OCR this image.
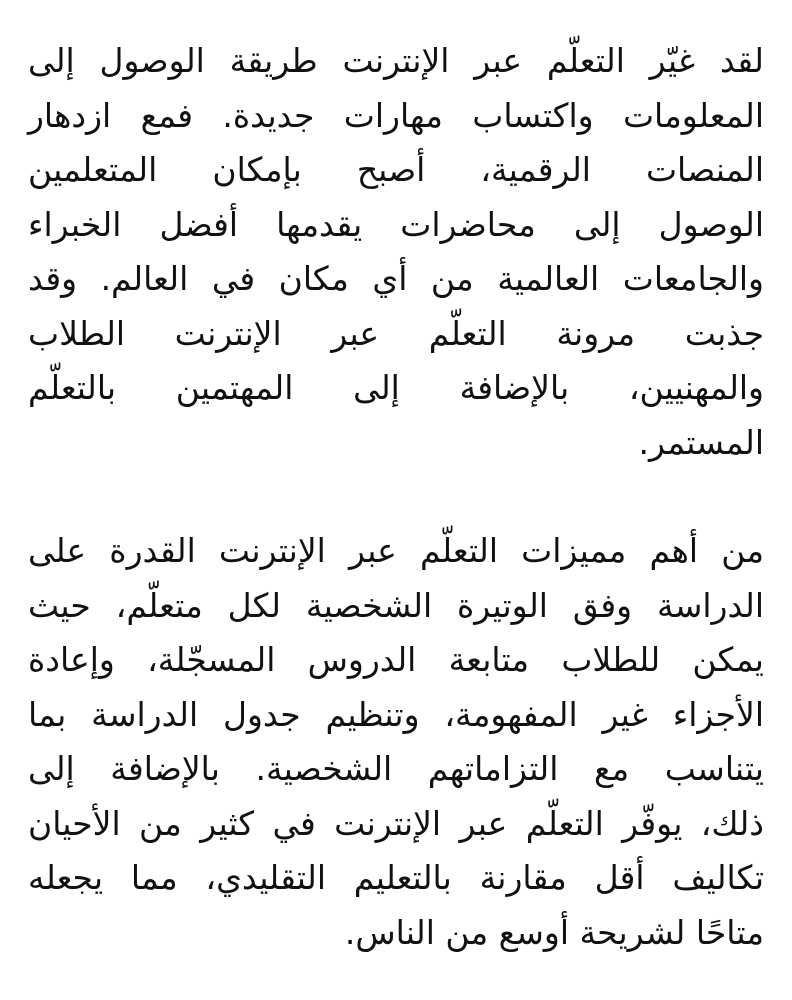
لقد غيّر التعلّم عبر الإنترنت طريقة الوصول إلى
المعلومات واكتساب مهارات جديدة. فمع ازدهار
المنصات الرقمية، أصبح بإمكان المتعلمين
الوصول إلى محاضرات يقدمها أفضل الخبراء
والجامعات العالمية من أي مكان في العالم. وقد
جذبت مرونة التعلّم عبر الإنترنت الطلاب
والمهنيين، بالإضافة إلى المهتمين بالتعلّم
المستمر.

من أهم مميزات التعلّم عبر الإنترنت القدرة على
الدراسة وفق الوتيرة الشخصية لكل متعلّم، حيث
يمكن للطلاب متابعة الدروس المسجّلة، وإعادة
الأجزاء غير المفهومة، وتنظيم جدول الدراسة بما
يتناسب مع التزاماتهم الشخصية. بالإضافة إلى
ذلك، يوفّر التعلّم عبر الإنترنت في كثير من الأحيان
تكاليف أقل مقارنة بالتعليم التقليدي، مما يجعله
متاحًا لشريحة أوسع من الناس.
